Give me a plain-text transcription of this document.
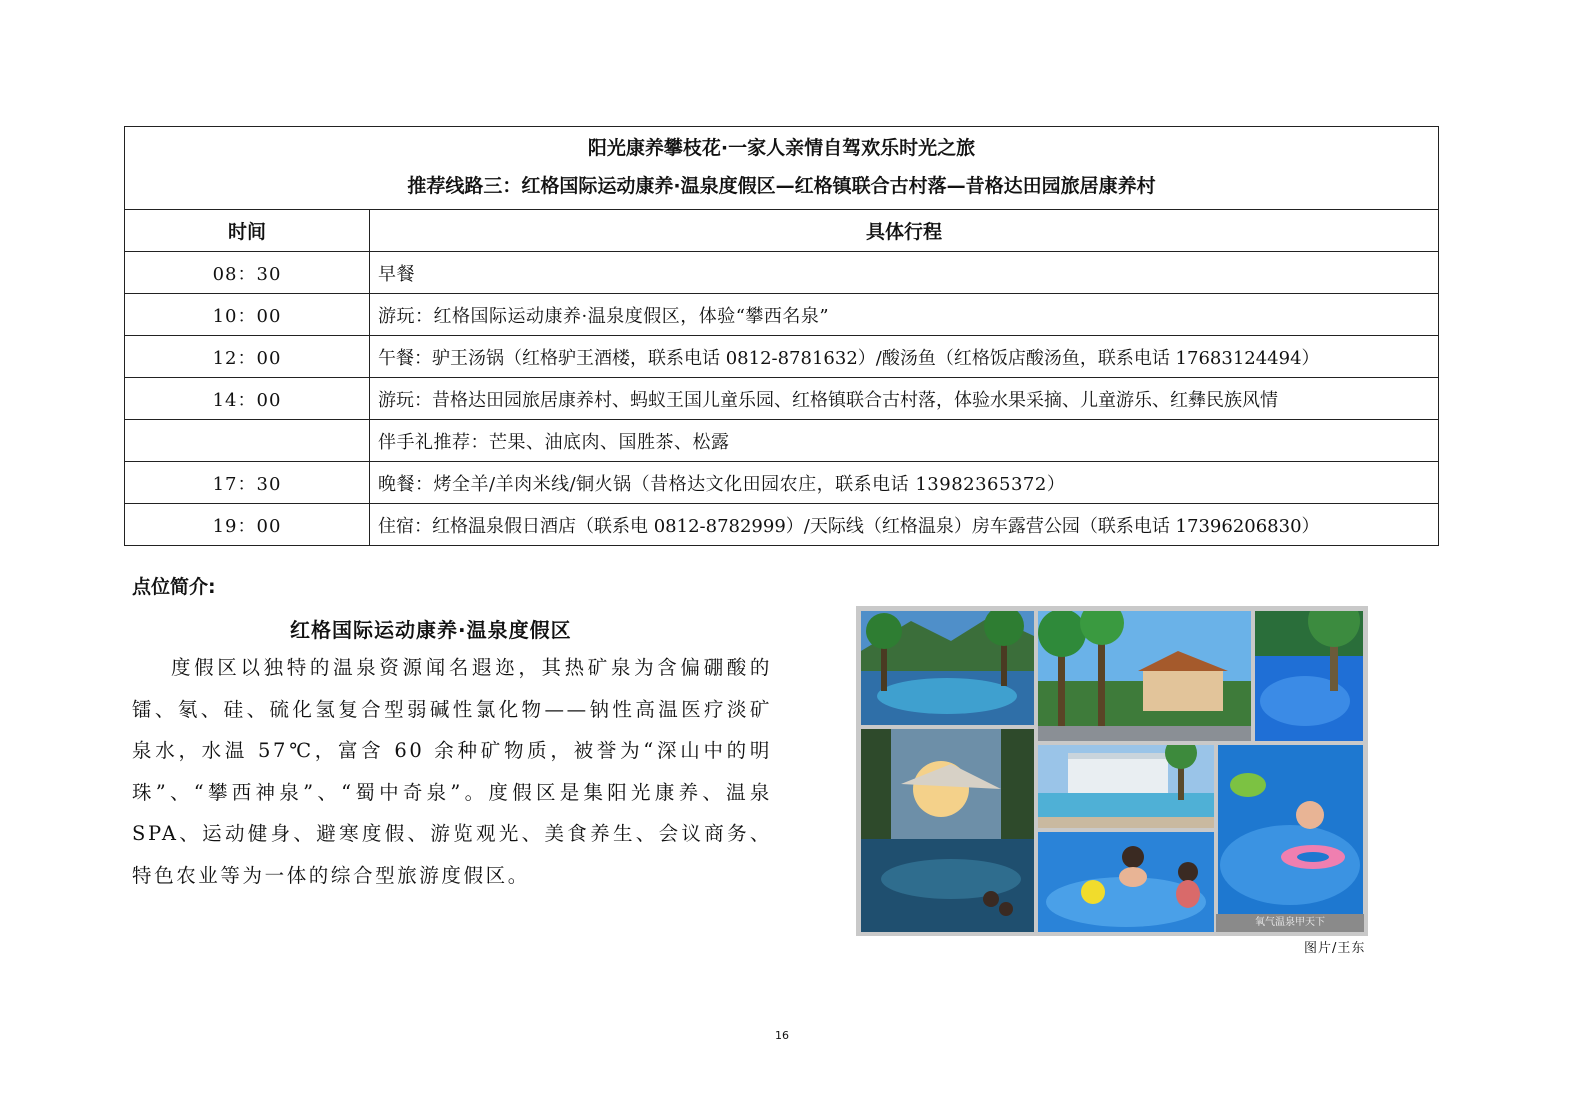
阳光康养攀枝花·一家人亲情自驾欢乐时光之旅
推荐线路三：红格国际运动康养·温泉度假区—红格镇联合古村落—昔格达田园旅居康养村	

时间	具体行程
08：30	早餐
10：00	游玩：红格国际运动康养·温泉度假区，体验“攀西名泉”
12：00	午餐：驴王汤锅（红格驴王酒楼，联系电话 0812-8781632）/酸汤鱼（红格饭店酸汤鱼，联系电话 17683124494）
14：00	游玩：昔格达田园旅居康养村、蚂蚁王国儿童乐园、红格镇联合古村落，体验水果采摘、儿童游乐、红彝民族风情
	伴手礼推荐：芒果、油底肉、国胜茶、松露
17：30	晚餐：烤全羊/羊肉米线/铜火锅（昔格达文化田园农庄，联系电话 13982365372）
19：00	住宿：红格温泉假日酒店（联系电 0812-8782999）/天际线（红格温泉）房车露营公园（联系电话 17396206830）
点位简介:
红格国际运动康养·温泉度假区
度假区以独特的温泉资源闻名遐迩，其热矿泉为含偏硼酸的镭、氡、硅、硫化氢复合型弱碱性氯化物——钠性高温医疗淡矿泉水，水温 57℃，富含 60 余种矿物质，被誉为“深山中的明珠”、“攀西神泉”、“蜀中奇泉”。度假区是集阳光康养、温泉 SPA、运动健身、避寒度假、游览观光、美食养生、会议商务、特色农业等为一体的综合型旅游度假区。
氧气温泉甲天下
图片/王东
16
